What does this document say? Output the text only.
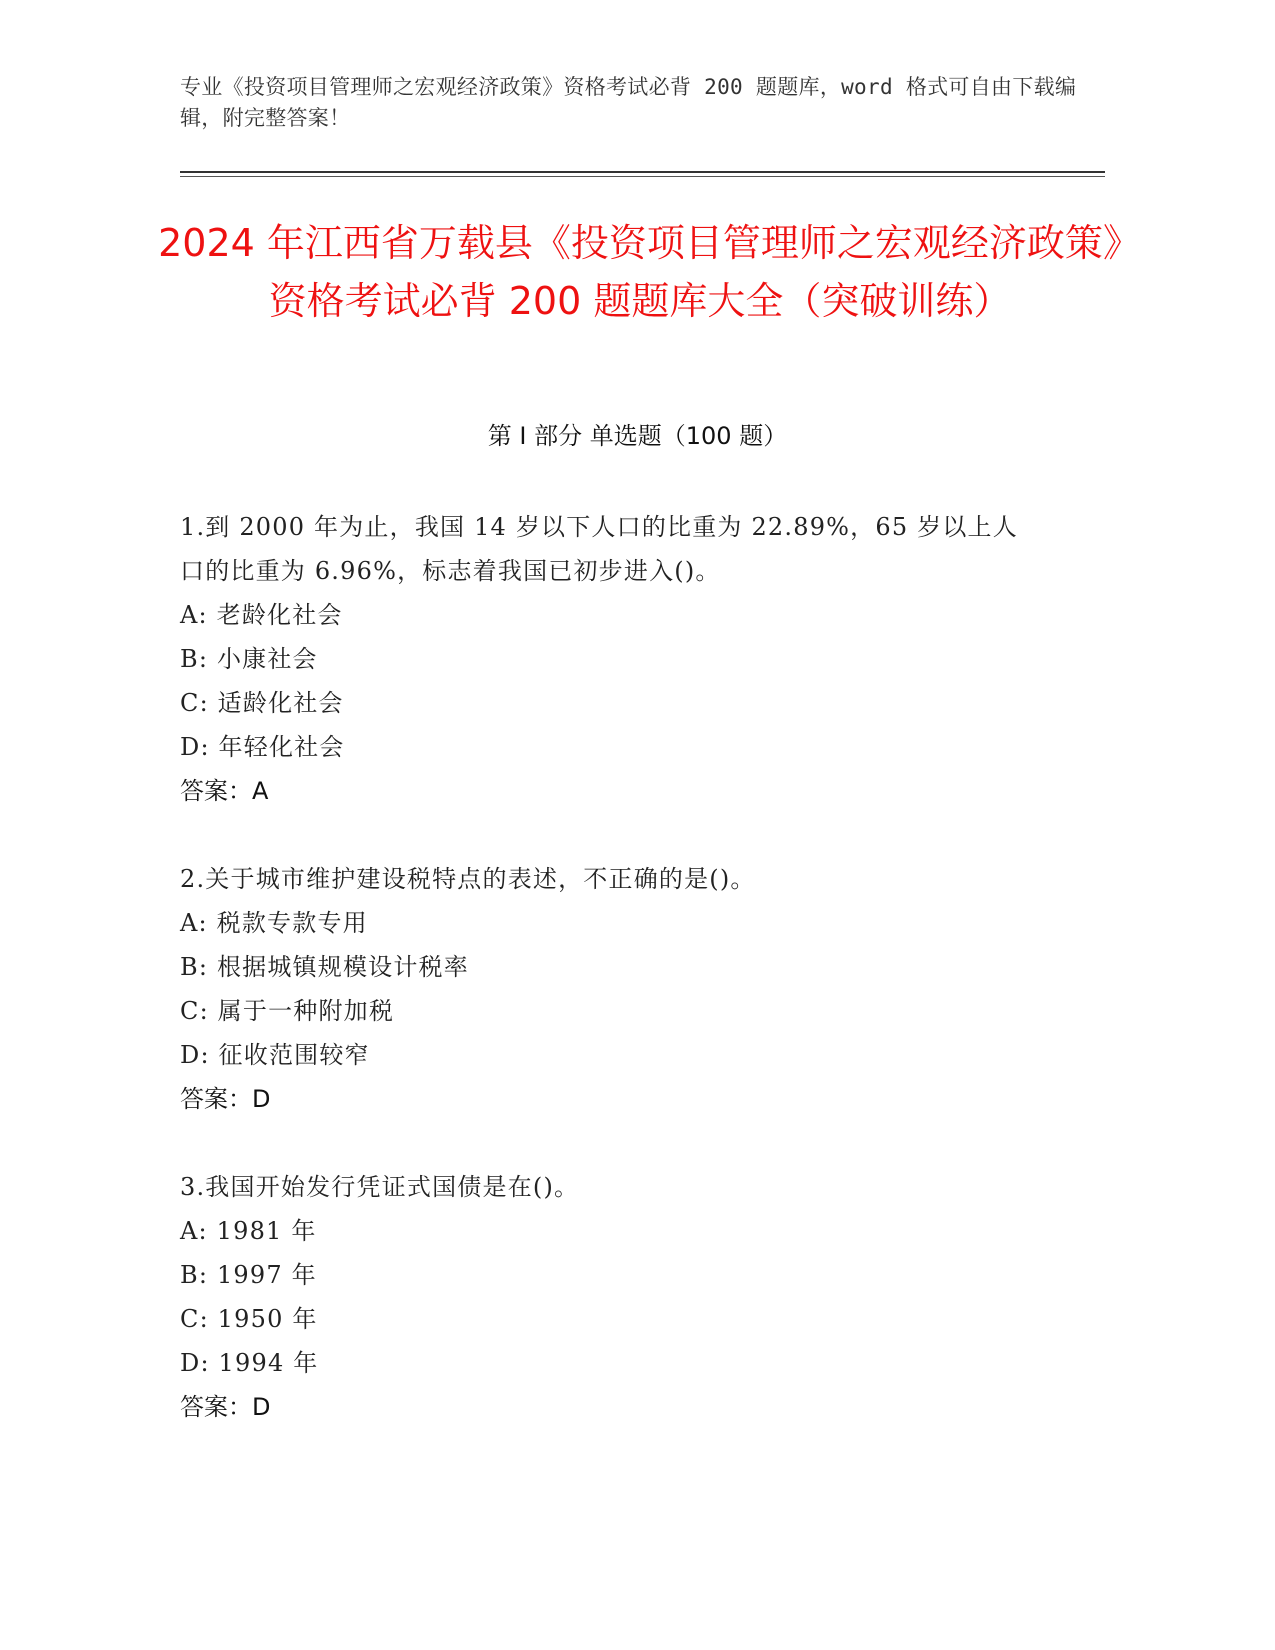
专业《投资项目管理师之宏观经济政策》资格考试必背 200 题题库，word 格式可自由下载编辑，附完整答案！
2024 年江西省万载县《投资项目管理师之宏观经济政策》资格考试必背 200 题题库大全（突破训练）
第 I 部分 单选题（100 题）
1.到 2000 年为止，我国 14 岁以下人口的比重为 22.89%，65 岁以上人口的比重为 6.96%，标志着我国已初步进入()。
A: 老龄化社会
B: 小康社会
C: 适龄化社会
D: 年轻化社会
答案：A
2.关于城市维护建设税特点的表述，不正确的是()。
A: 税款专款专用
B: 根据城镇规模设计税率
C: 属于一种附加税
D: 征收范围较窄
答案：D
3.我国开始发行凭证式国债是在()。
A: 1981 年
B: 1997 年
C: 1950 年
D: 1994 年
答案：D
